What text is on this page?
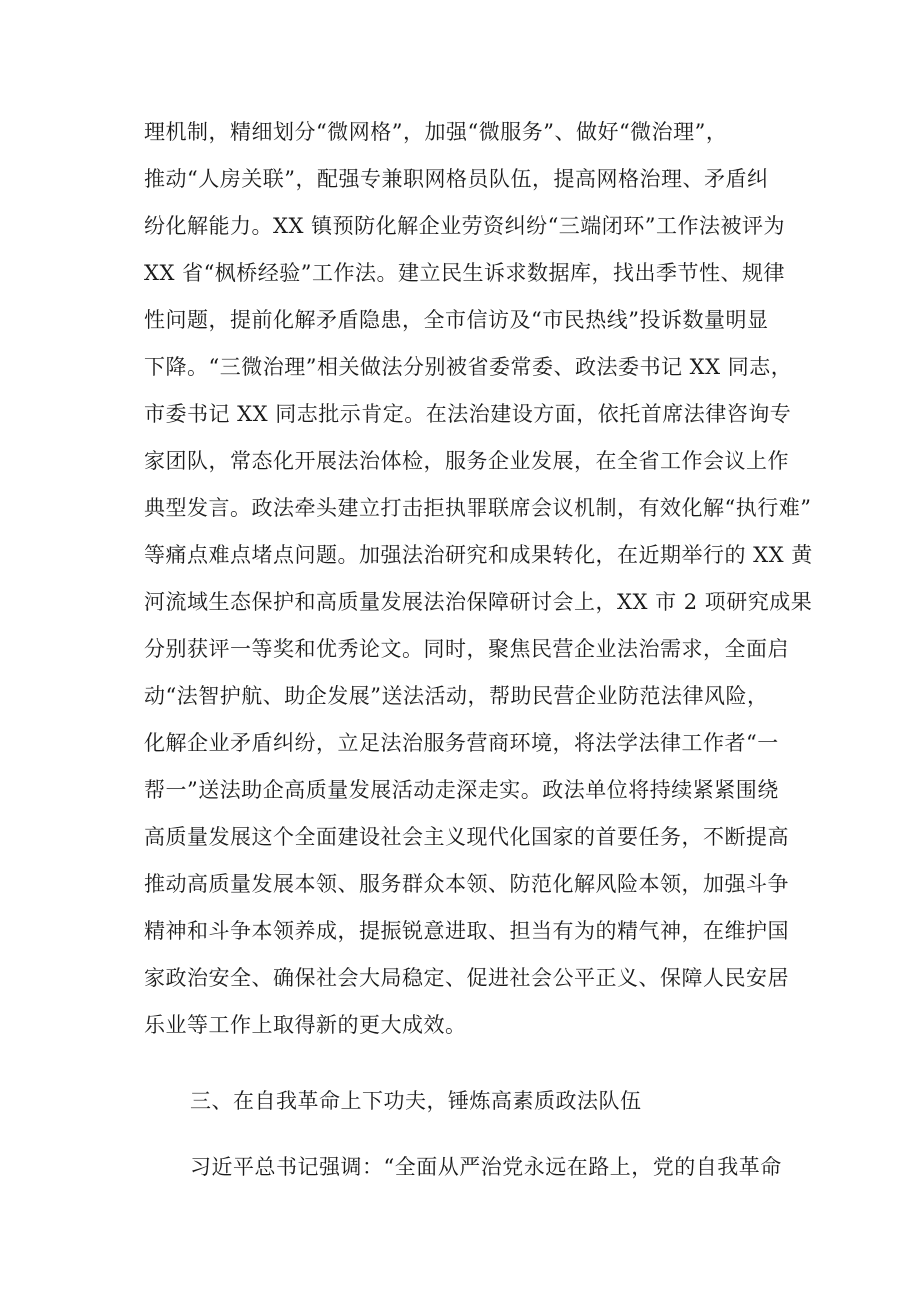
理机制，精细划分“微网格”，加强“微服务”、做好“微治理”，
推动“人房关联”，配强专兼职网格员队伍，提高网格治理、矛盾纠
纷化解能力。XX 镇预防化解企业劳资纠纷“三端闭环”工作法被评为
XX 省“枫桥经验”工作法。建立民生诉求数据库，找出季节性、规律
性问题，提前化解矛盾隐患，全市信访及“市民热线”投诉数量明显
下降。“三微治理”相关做法分别被省委常委、政法委书记 XX 同志，
市委书记 XX 同志批示肯定。在法治建设方面，依托首席法律咨询专
家团队，常态化开展法治体检，服务企业发展，在全省工作会议上作
典型发言。政法牵头建立打击拒执罪联席会议机制，有效化解“执行难”
等痛点难点堵点问题。加强法治研究和成果转化，在近期举行的 XX 黄
河流域生态保护和高质量发展法治保障研讨会上，XX 市 2 项研究成果
分别获评一等奖和优秀论文。同时，聚焦民营企业法治需求，全面启
动“法智护航、助企发展”送法活动，帮助民营企业防范法律风险，
化解企业矛盾纠纷，立足法治服务营商环境，将法学法律工作者“一
帮一”送法助企高质量发展活动走深走实。政法单位将持续紧紧围绕
高质量发展这个全面建设社会主义现代化国家的首要任务，不断提高
推动高质量发展本领、服务群众本领、防范化解风险本领，加强斗争
精神和斗争本领养成，提振锐意进取、担当有为的精气神，在维护国
家政治安全、确保社会大局稳定、促进社会公平正义、保障人民安居
乐业等工作上取得新的更大成效。
三、在自我革命上下功夫，锤炼高素质政法队伍
习近平总书记强调：“全面从严治党永远在路上，党的自我革命
